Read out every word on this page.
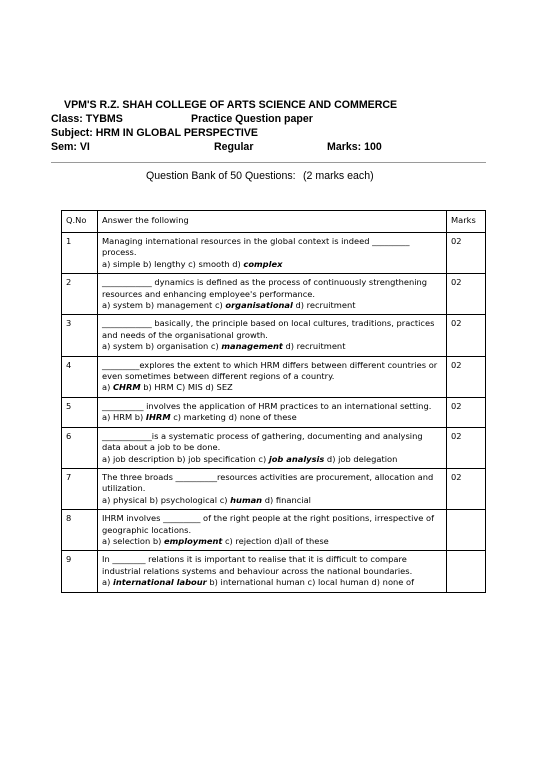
VPM'S R.Z. SHAH COLLEGE OF ARTS SCIENCE AND COMMERCE
Class: TYBMS	Practice Question paper
Subject: HRM IN GLOBAL PERSPECTIVE
Sem: VI	Regular	Marks: 100
Question Bank of 50 Questions: (2 marks each)
Q.No	Answer the following	Marks
1	Managing international resources in the global context is indeed _________ process.
a) simple b) lengthy c) smooth d) complex	02
2	____________ dynamics is defined as the process of continuously strengthening resources and enhancing employee's performance.
a) system b) management c) organisational d) recruitment	02
3	____________ basically, the principle based on local cultures, traditions, practices and needs of the organisational growth.
a) system b) organisation c) management d) recruitment	02
4	_________explores the extent to which HRM differs between different countries or even sometimes between different regions of a country.
a) CHRM b) HRM C) MIS d) SEZ	02
5	__________ involves the application of HRM practices to an international setting.
a) HRM b) IHRM c) marketing d) none of these	02
6	____________is a systematic process of gathering, documenting and analysing data about a job to be done.
a) job description b) job specification c) job analysis d) job delegation	02
7	The three broads __________resources activities are procurement, allocation and utilization.
a) physical b) psychological c) human d) financial	02
8	IHRM involves _________ of the right people at the right positions, irrespective of geographic locations.
a) selection b) employment c) rejection d)all of these	

9	In ________ relations it is important to realise that it is difficult to compare industrial relations systems and behaviour across the national boundaries.
a) international labour b) international human c) local human d) none of	
